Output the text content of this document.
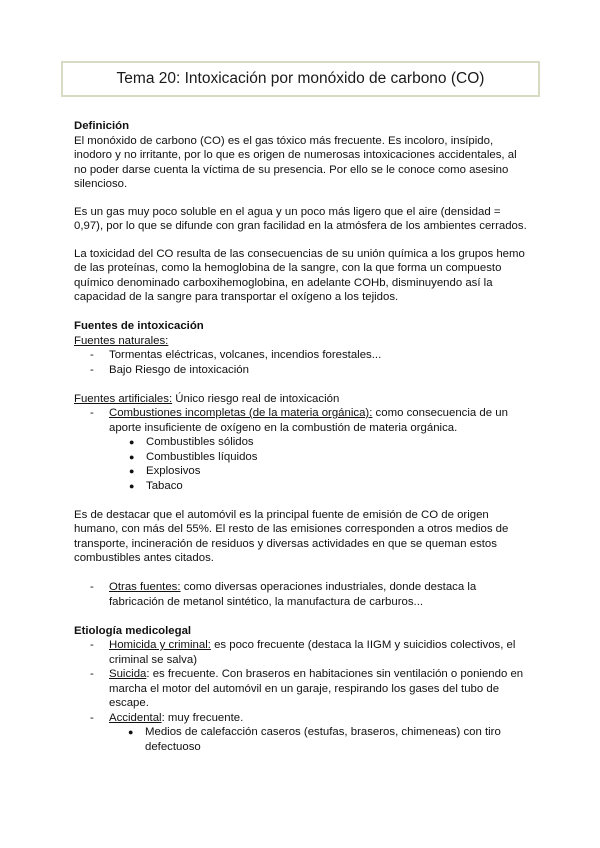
Tema 20: Intoxicación por monóxido de carbono (CO)

Definición

El monóxido de carbono (CO) es el gas tóxico más frecuente. Es incoloro, insípido, inodoro y no irritante, por lo que es origen de numerosas intoxicaciones accidentales, al no poder darse cuenta la víctima de su presencia. Por ello se le conoce como asesino silencioso.

Es un gas muy poco soluble en el agua y un poco más ligero que el aire (densidad = 0,97), por lo que se difunde con gran facilidad en la atmósfera de los ambientes cerrados.

La toxicidad del CO resulta de las consecuencias de su unión química a los grupos hemo de las proteínas, como la hemoglobina de la sangre, con la que forma un compuesto químico denominado carboxihemoglobina, en adelante COHb, disminuyendo así la capacidad de la sangre para transportar el oxígeno a los tejidos.

Fuentes de intoxicación

Fuentes naturales:

- Tormentas eléctricas, volcanes, incendios forestales...
- Bajo Riesgo de intoxicación

Fuentes artificiales: Único riesgo real de intoxicación

- Combustiones incompletas (de la materia orgánica): como consecuencia de un aporte insuficiente de oxígeno en la combustión de materia orgánica.
● Combustibles sólidos
● Combustibles líquidos
● Explosivos
● Tabaco

Es de destacar que el automóvil es la principal fuente de emisión de CO de origen humano, con más del 55%. El resto de las emisiones corresponden a otros medios de transporte, incineración de residuos y diversas actividades en que se queman estos combustibles antes citados.

- Otras fuentes: como diversas operaciones industriales, donde destaca la fabricación de metanol sintético, la manufactura de carburos...

Etiología medicolegal

- Homicida y criminal: es poco frecuente (destaca la IIGM y suicidios colectivos, el criminal se salva)
- Suicida: es frecuente. Con braseros en habitaciones sin ventilación o poniendo en marcha el motor del automóvil en un garaje, respirando los gases del tubo de escape.
- Accidental: muy frecuente.
● Medios de calefacción caseros (estufas, braseros, chimeneas) con tiro defectuoso
